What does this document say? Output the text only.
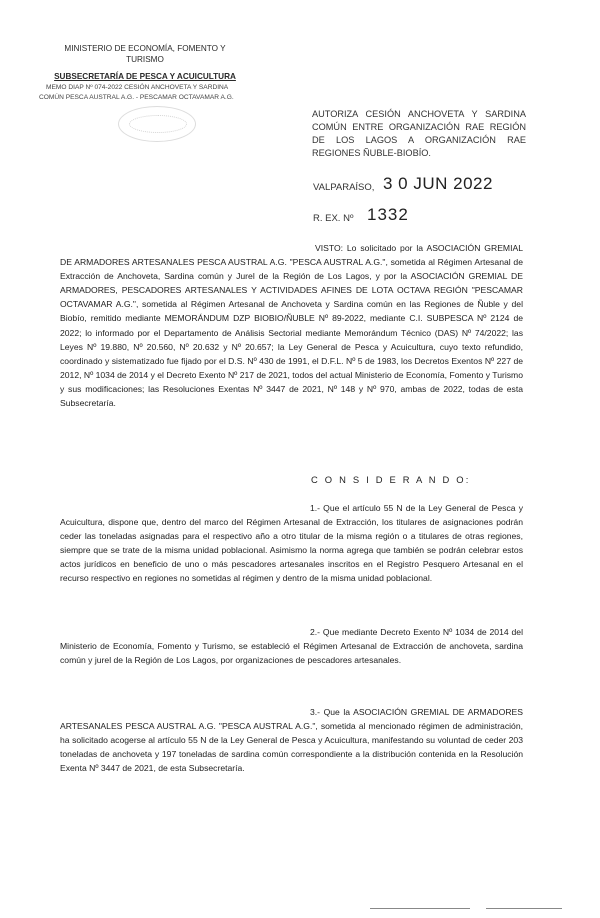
MINISTERIO DE ECONOMÍA, FOMENTO Y TURISMO
SUBSECRETARÍA DE PESCA Y ACUICULTURA
MEMO DIAP Nº 074-2022 CESIÓN ANCHOVETA Y SARDINA
COMÚN PESCA AUSTRAL A.G. - PESCAMAR OCTAVAMAR A.G.
AUTORIZA CESIÓN ANCHOVETA Y SARDINA COMÚN ENTRE ORGANIZACIÓN RAE REGIÓN DE LOS LAGOS A ORGANIZACIÓN RAE REGIONES ÑUBLE-BIOBÍO.
VALPARAÍSO, 3 0 JUN 2022
R. EX. Nº 1332
VISTO: Lo solicitado por la ASOCIACIÓN GREMIAL DE ARMADORES ARTESANALES PESCA AUSTRAL A.G. "PESCA AUSTRAL A.G.", sometida al Régimen Artesanal de Extracción de Anchoveta, Sardina común y Jurel de la Región de Los Lagos, y por la ASOCIACIÓN GREMIAL DE ARMADORES, PESCADORES ARTESANALES Y ACTIVIDADES AFINES DE LOTA OCTAVA REGIÓN "PESCAMAR OCTAVAMAR A.G.", sometida al Régimen Artesanal de Anchoveta y Sardina común en las Regiones de Ñuble y del Biobío, remitido mediante MEMORÁNDUM DZP BIOBIO/ÑUBLE Nº 89-2022, mediante C.I. SUBPESCA Nº 2124 de 2022; lo informado por el Departamento de Análisis Sectorial mediante Memorándum Técnico (DAS) Nº 74/2022; las Leyes Nº 19.880, Nº 20.560, Nº 20.632 y Nº 20.657; la Ley General de Pesca y Acuicultura, cuyo texto refundido, coordinado y sistematizado fue fijado por el D.S. Nº 430 de 1991, el D.F.L. Nº 5 de 1983, los Decretos Exentos Nº 227 de 2012, Nº 1034 de 2014 y el Decreto Exento Nº 217 de 2021, todos del actual Ministerio de Economía, Fomento y Turismo y sus modificaciones; las Resoluciones Exentas Nº 3447 de 2021, Nº 148 y Nº 970, ambas de 2022, todas de esta Subsecretaría.
C O N S I D E R A N D O:
1.- Que el artículo 55 N de la Ley General de Pesca y Acuicultura, dispone que, dentro del marco del Régimen Artesanal de Extracción, los titulares de asignaciones podrán ceder las toneladas asignadas para el respectivo año a otro titular de la misma región o a titulares de otras regiones, siempre que se trate de la misma unidad poblacional. Asimismo la norma agrega que también se podrán celebrar estos actos jurídicos en beneficio de uno o más pescadores artesanales inscritos en el Registro Pesquero Artesanal en el recurso respectivo en regiones no sometidas al régimen y dentro de la misma unidad poblacional.
2.- Que mediante Decreto Exento Nº 1034 de 2014 del Ministerio de Economía, Fomento y Turismo, se estableció el Régimen Artesanal de Extracción de anchoveta, sardina común y jurel de la Región de Los Lagos, por organizaciones de pescadores artesanales.
3.- Que la ASOCIACIÓN GREMIAL DE ARMADORES ARTESANALES PESCA AUSTRAL A.G. "PESCA AUSTRAL A.G.", sometida al mencionado régimen de administración, ha solicitado acogerse al artículo 55 N de la Ley General de Pesca y Acuicultura, manifestando su voluntad de ceder 203 toneladas de anchoveta y 197 toneladas de sardina común correspondiente a la distribución contenida en la Resolución Exenta Nº 3447 de 2021, de esta Subsecretaría.
